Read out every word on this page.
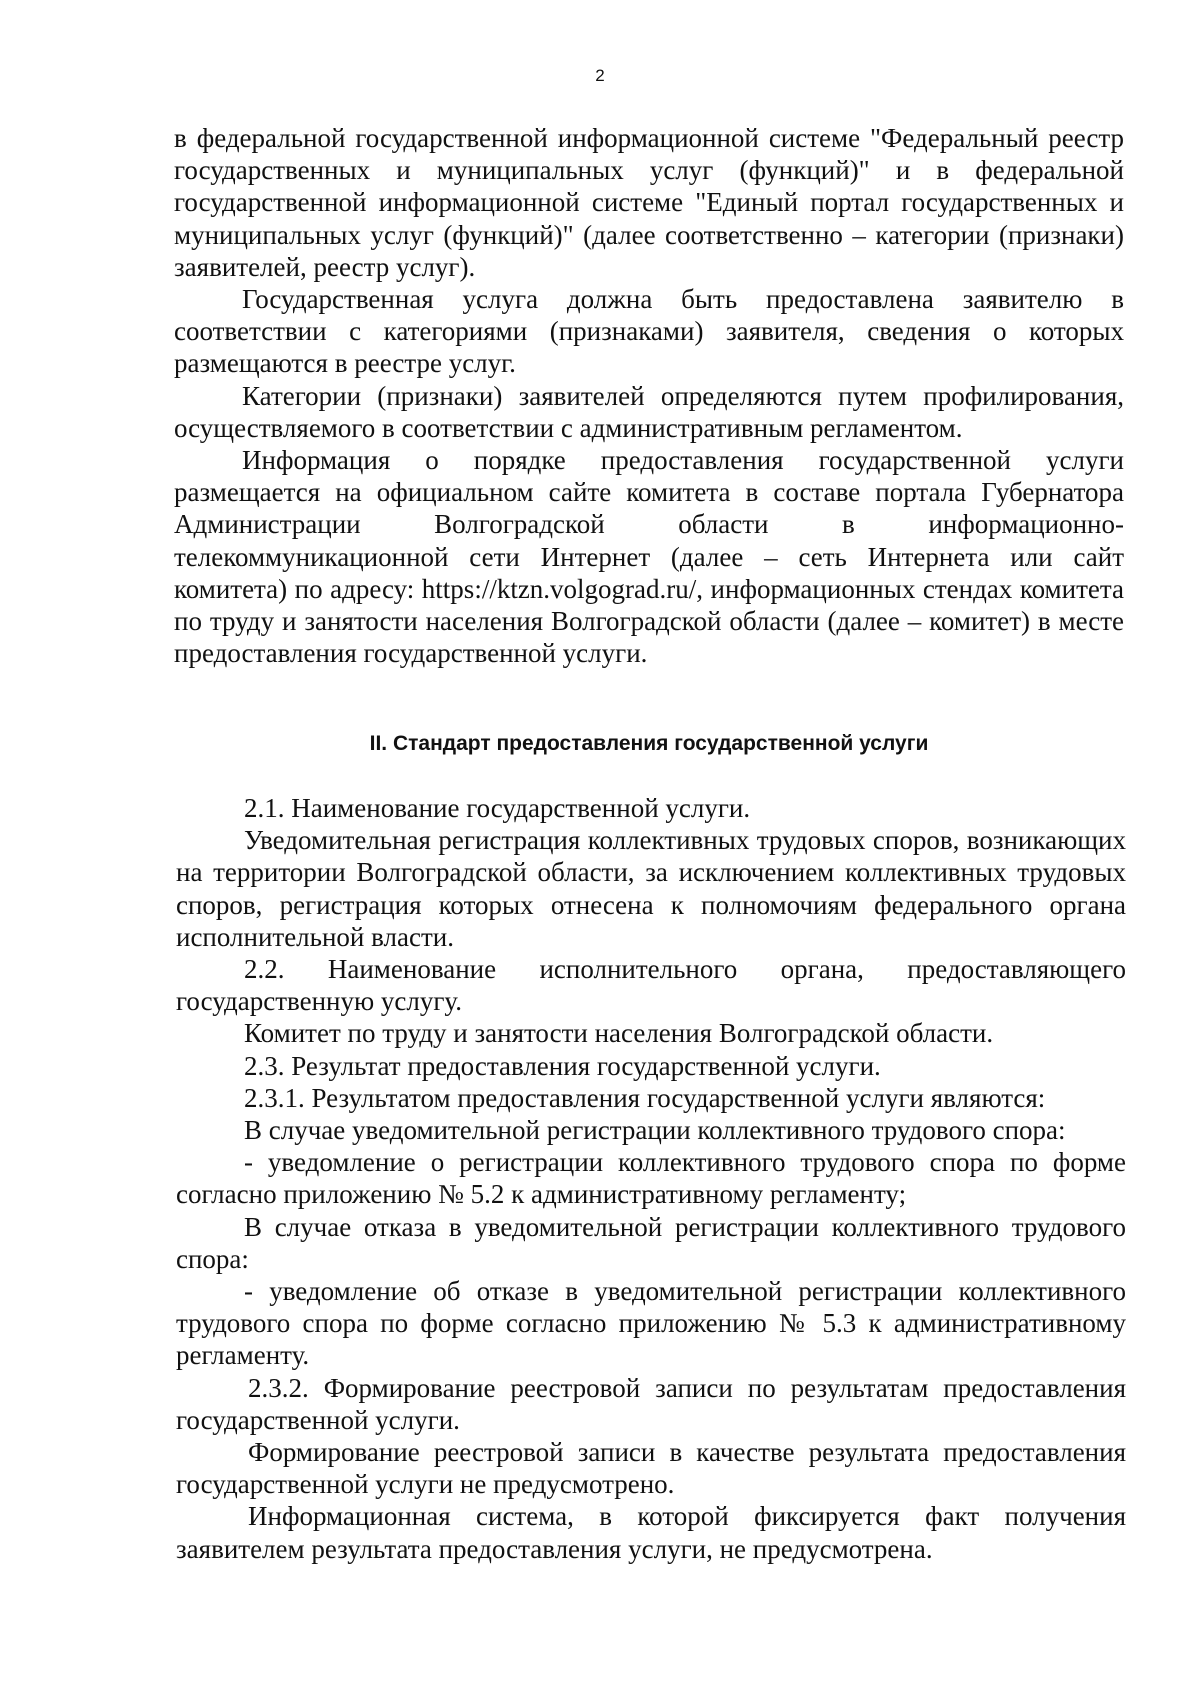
2

в федеральной государственной информационной системе "Федеральный реестр государственных и муниципальных услуг (функций)" и в федеральной государственной информационной системе "Единый портал государственных и муниципальных услуг (функций)" (далее соответственно – категории (признаки) заявителей, реестр услуг).

Государственная услуга должна быть предоставлена заявителю в соответствии с категориями (признаками) заявителя, сведения о которых размещаются в реестре услуг.

Категории (признаки) заявителей определяются путем профилирования, осуществляемого в соответствии с административным регламентом.

Информация о порядке предоставления государственной услуги размещается на официальном сайте комитета в составе портала Губернатора Администрации Волгоградской области в информационно-телекоммуникационной сети Интернет (далее – сеть Интернета или сайт комитета) по адресу: https://ktzn.volgograd.ru/, информационных стендах комитета по труду и занятости населения Волгоградской области (далее – комитет) в месте предоставления государственной услуги.

II. Стандарт предоставления государственной услуги

2.1. Наименование государственной услуги.

Уведомительная регистрация коллективных трудовых споров, возникающих на территории Волгоградской области, за исключением коллективных трудовых споров, регистрация которых отнесена к полномочиям федерального органа исполнительной власти.

2.2. Наименование исполнительного органа, предоставляющего государственную услугу.

Комитет по труду и занятости населения Волгоградской области.

2.3. Результат предоставления государственной услуги.

2.3.1. Результатом предоставления государственной услуги являются:

В случае уведомительной регистрации коллективного трудового спора:

- уведомление о регистрации коллективного трудового спора по форме согласно приложению № 5.2 к административному регламенту;

В случае отказа в уведомительной регистрации коллективного трудового спора:

- уведомление об отказе в уведомительной регистрации коллективного трудового спора по форме согласно приложению № 5.3 к административному регламенту.

2.3.2. Формирование реестровой записи по результатам предоставления государственной услуги.

Формирование реестровой записи в качестве результата предоставления государственной услуги не предусмотрено.

Информационная система, в которой фиксируется факт получения заявителем результата предоставления услуги, не предусмотрена.
